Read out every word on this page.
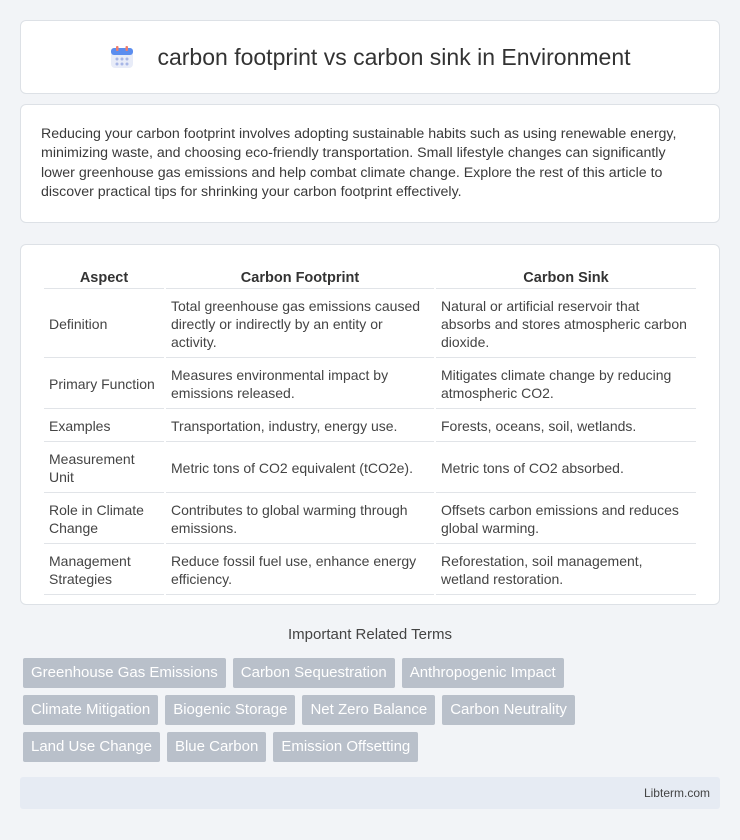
carbon footprint vs carbon sink in Environment

Reducing your carbon footprint involves adopting sustainable habits such as using renewable energy, minimizing waste, and choosing eco-friendly transportation. Small lifestyle changes can significantly lower greenhouse gas emissions and help combat climate change. Explore the rest of this article to discover practical tips for shrinking your carbon footprint effectively.

Aspect	Carbon Footprint	Carbon Sink
Definition	Total greenhouse gas emissions caused directly or indirectly by an entity or activity.	Natural or artificial reservoir that absorbs and stores atmospheric carbon dioxide.
Primary Function	Measures environmental impact by emissions released.	Mitigates climate change by reducing atmospheric CO2.
Examples	Transportation, industry, energy use.	Forests, oceans, soil, wetlands.
Measurement Unit	Metric tons of CO2 equivalent (tCO2e).	Metric tons of CO2 absorbed.
Role in Climate Change	Contributes to global warming through emissions.	Offsets carbon emissions and reduces global warming.
Management Strategies	Reduce fossil fuel use, enhance energy efficiency.	Reforestation, soil management, wetland restoration.
Important Related Terms
Greenhouse Gas Emissions	Carbon Sequestration	Anthropogenic Impact
Climate Mitigation	Biogenic Storage	Net Zero Balance	Carbon Neutrality
Land Use Change	Blue Carbon	Emission Offsetting
Libterm.com
